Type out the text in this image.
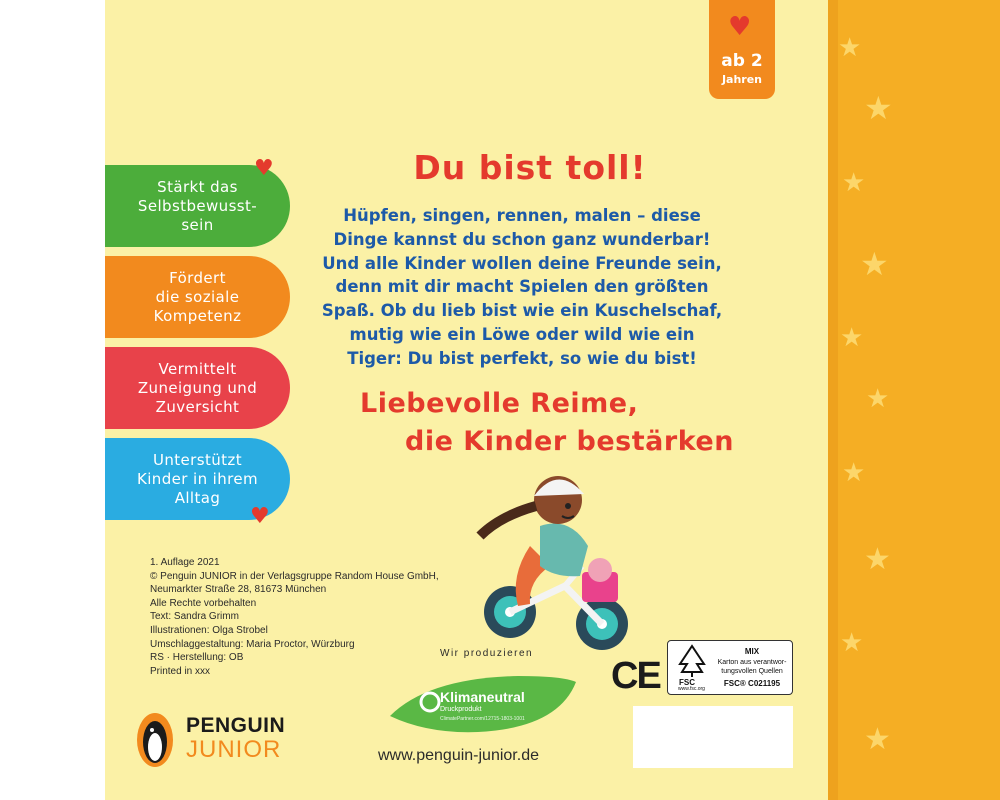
★
★
★
★
★
★
★
★
★
★
♥
ab 2
Jahren
Stärkt das
Selbstbewusst-
sein
Fördert
die soziale
Kompetenz
Vermittelt
Zuneigung und
Zuversicht
Unterstützt
Kinder in ihrem
Alltag
♥
♥
Du bist toll!
Hüpfen, singen, rennen, malen – diese
Dinge kannst du schon ganz wunderbar!
Und alle Kinder wollen deine Freunde sein,
denn mit dir macht Spielen den größten
Spaß. Ob du lieb bist wie ein Kuschelschaf,
mutig wie ein Löwe oder wild wie ein
Tiger: Du bist perfekt, so wie du bist!
Liebevolle Reime,
die Kinder bestärken
1. Auflage 2021
© Penguin JUNIOR in der Verlagsgruppe Random House GmbH,
Neumarkter Straße 28, 81673 München
Alle Rechte vorbehalten
Text: Sandra Grimm
Illustrationen: Olga Strobel
Umschlaggestaltung: Maria Proctor, Würzburg
RS · Herstellung: OB
Printed in xxx
PENGUIN
JUNIOR
Wir produzieren
Klimaneutral
Druckprodukt
ClimatePartner.com/12715-1803-1001
www.penguin-junior.de
CE FSC
www.fsc.org
MIX
Karton aus verantwor-
tungsvollen Quellen
FSC® C021195
